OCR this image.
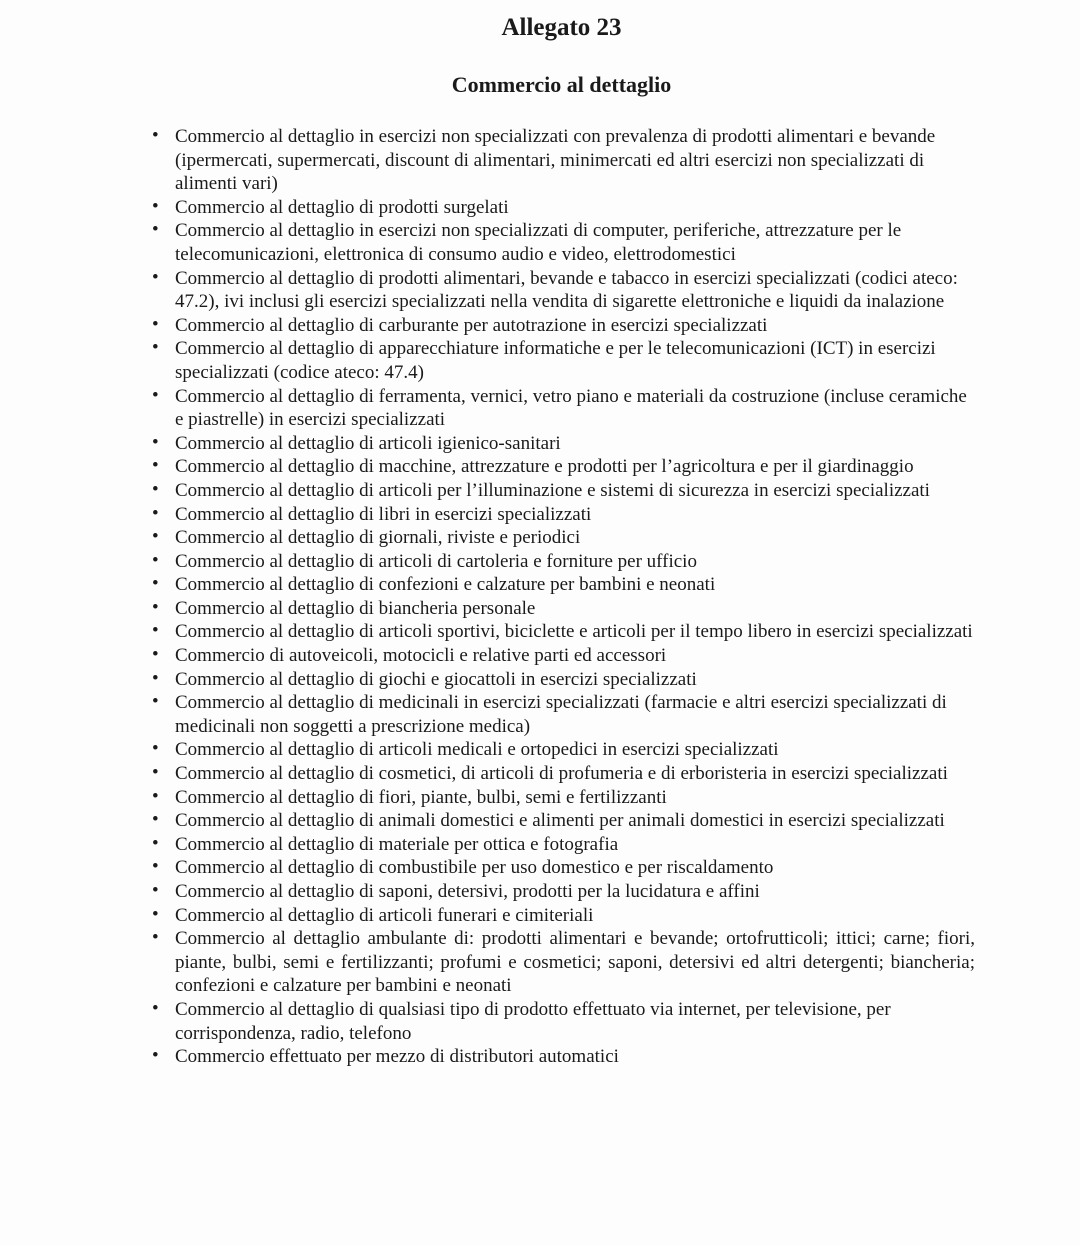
Allegato 23
Commercio al dettaglio
• Commercio al dettaglio in esercizi non specializzati con prevalenza di prodotti alimentari e bevande (ipermercati, supermercati, discount di alimentari, minimercati ed altri esercizi non specializzati di alimenti vari)
• Commercio al dettaglio di prodotti surgelati
• Commercio al dettaglio in esercizi non specializzati di computer, periferiche, attrezzature per le telecomunicazioni, elettronica di consumo audio e video, elettrodomestici
• Commercio al dettaglio di prodotti alimentari, bevande e tabacco in esercizi specializzati (codici ateco: 47.2), ivi inclusi gli esercizi specializzati nella vendita di sigarette elettroniche e liquidi da inalazione
• Commercio al dettaglio di carburante per autotrazione in esercizi specializzati
• Commercio al dettaglio di apparecchiature informatiche e per le telecomunicazioni (ICT) in esercizi specializzati (codice ateco: 47.4)
• Commercio al dettaglio di ferramenta, vernici, vetro piano e materiali da costruzione (incluse ceramiche e piastrelle) in esercizi specializzati
• Commercio al dettaglio di articoli igienico-sanitari
• Commercio al dettaglio di macchine, attrezzature e prodotti per l’agricoltura e per il giardinaggio
• Commercio al dettaglio di articoli per l’illuminazione e sistemi di sicurezza in esercizi specializzati
• Commercio al dettaglio di libri in esercizi specializzati
• Commercio al dettaglio di giornali, riviste e periodici
• Commercio al dettaglio di articoli di cartoleria e forniture per ufficio
• Commercio al dettaglio di confezioni e calzature per bambini e neonati
• Commercio al dettaglio di biancheria personale
• Commercio al dettaglio di articoli sportivi, biciclette e articoli per il tempo libero in esercizi specializzati
• Commercio di autoveicoli, motocicli e relative parti ed accessori
• Commercio al dettaglio di giochi e giocattoli in esercizi specializzati
• Commercio al dettaglio di medicinali in esercizi specializzati (farmacie e altri esercizi specializzati di medicinali non soggetti a prescrizione medica)
• Commercio al dettaglio di articoli medicali e ortopedici in esercizi specializzati
• Commercio al dettaglio di cosmetici, di articoli di profumeria e di erboristeria in esercizi specializzati
• Commercio al dettaglio di fiori, piante, bulbi, semi e fertilizzanti
• Commercio al dettaglio di animali domestici e alimenti per animali domestici in esercizi specializzati
• Commercio al dettaglio di materiale per ottica e fotografia
• Commercio al dettaglio di combustibile per uso domestico e per riscaldamento
• Commercio al dettaglio di saponi, detersivi, prodotti per la lucidatura e affini
• Commercio al dettaglio di articoli funerari e cimiteriali
• Commercio al dettaglio ambulante di: prodotti alimentari e bevande; ortofrutticoli; ittici; carne; fiori, piante, bulbi, semi e fertilizzanti; profumi e cosmetici; saponi, detersivi ed altri detergenti; biancheria; confezioni e calzature per bambini e neonati
• Commercio al dettaglio di qualsiasi tipo di prodotto effettuato via internet, per televisione, per corrispondenza, radio, telefono
• Commercio effettuato per mezzo di distributori automatici
